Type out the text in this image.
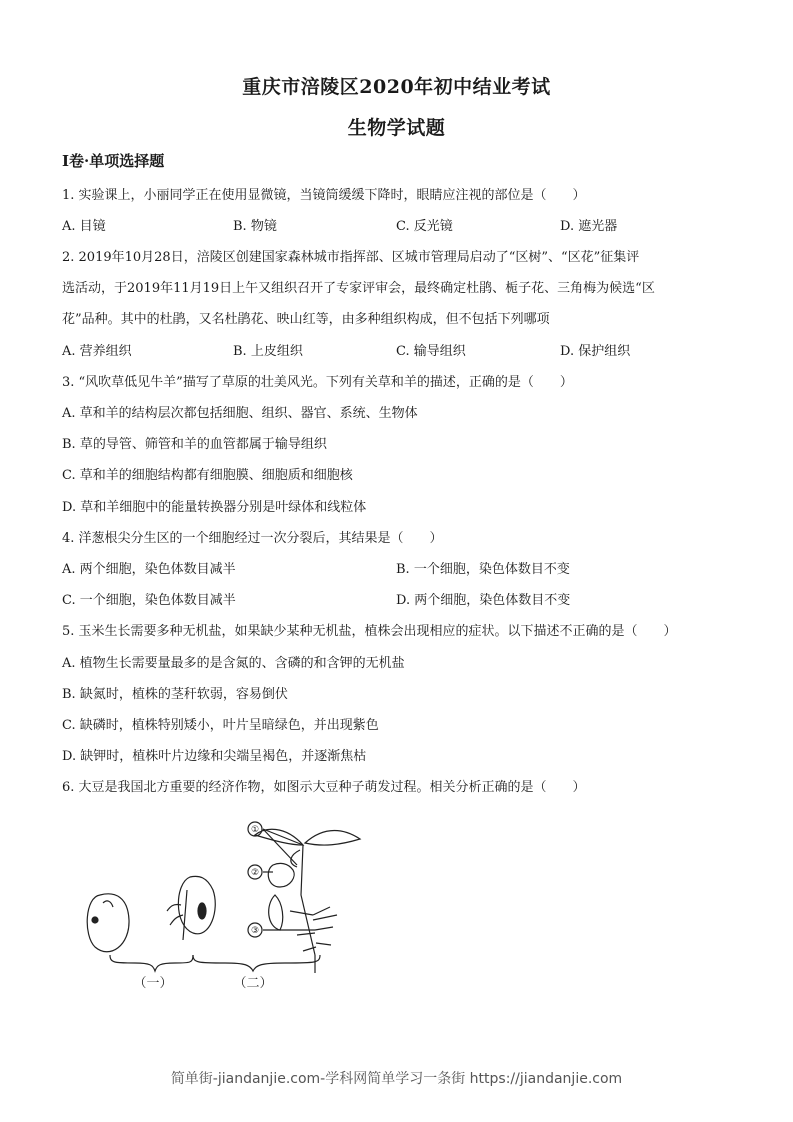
重庆市涪陵区2020年初中结业考试
生物学试题
Ⅰ卷·单项选择题
1. 实验课上，小丽同学正在使用显微镜，当镜筒缓缓下降时，眼睛应注视的部位是（　　）
A. 目镜	B. 物镜	C. 反光镜	D. 遮光器
2. 2019年10月28日，涪陵区创建国家森林城市指挥部、区城市管理局启动了“区树”、“区花”征集评
选活动，于2019年11月19日上午又组织召开了专家评审会，最终确定杜鹃、栀子花、三角梅为候选“区
花”品种。其中的杜鹃，又名杜鹃花、映山红等，由多种组织构成，但不包括下列哪项
A. 营养组织	B. 上皮组织	C. 输导组织	D. 保护组织
3. “风吹草低见牛羊”描写了草原的壮美风光。下列有关草和羊的描述，正确的是（　　）
A. 草和羊的结构层次都包括细胞、组织、器官、系统、生物体
B. 草的导管、筛管和羊的血管都属于输导组织
C. 草和羊的细胞结构都有细胞膜、细胞质和细胞核
D. 草和羊细胞中的能量转换器分别是叶绿体和线粒体
4. 洋葱根尖分生区的一个细胞经过一次分裂后，其结果是（　　）
A. 两个细胞，染色体数目减半	B. 一个细胞，染色体数目不变
C. 一个细胞，染色体数目减半	D. 两个细胞，染色体数目不变
5. 玉米生长需要多种无机盐，如果缺少某种无机盐，植株会出现相应的症状。以下描述不正确的是（　　）
A. 植物生长需要量最多的是含氮的、含磷的和含钾的无机盐
B. 缺氮时，植株的茎秆软弱，容易倒伏
C. 缺磷时，植株特别矮小，叶片呈暗绿色，并出现紫色
D. 缺钾时，植株叶片边缘和尖端呈褐色，并逐渐焦枯
6. 大豆是我国北方重要的经济作物，如图示大豆种子萌发过程。相关分析正确的是（　　）
①
②
③
（一）	（二）
简单街-jiandanjie.com-学科网简单学习一条街 https://jiandanjie.com
